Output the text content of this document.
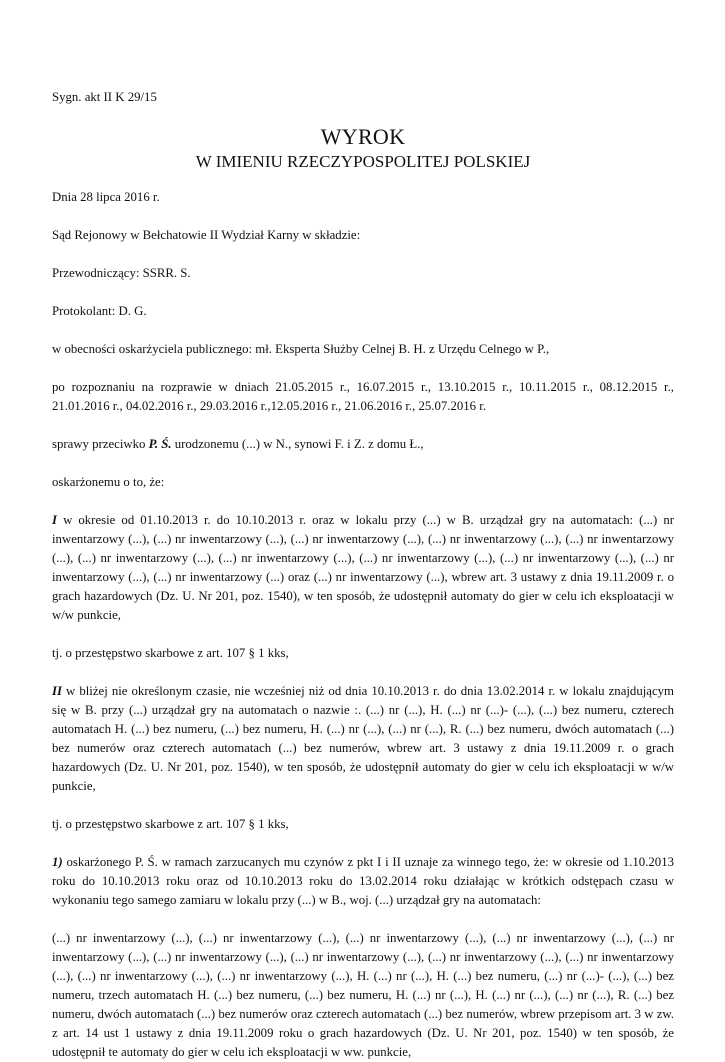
Sygn. akt II K 29/15

WYROK
W IMIENIU RZECZYPOSPOLITEJ POLSKIEJ

Dnia 28 lipca 2016 r.

Sąd Rejonowy w Bełchatowie II Wydział Karny w składzie:

Przewodniczący: SSRR. S.

Protokolant: D. G.

w obecności oskarżyciela publicznego: mł. Eksperta Służby Celnej B. H. z Urzędu Celnego w P.,

po rozpoznaniu na rozprawie w dniach 21.05.2015 r., 16.07.2015 r., 13.10.2015 r., 10.11.2015 r., 08.12.2015 r., 21.01.2016 r., 04.02.2016 r., 29.03.2016 r.,12.05.2016 r., 21.06.2016 r., 25.07.2016 r.

sprawy przeciwko P. Ś. urodzonemu (...) w N., synowi F. i Z. z domu Ł.,

oskarżonemu o to, że:

I w okresie od 01.10.2013 r. do 10.10.2013 r. oraz w lokalu przy (...) w B. urządzał gry na automatach: (...) nr inwentarzowy (...), (...) nr inwentarzowy (...), (...) nr inwentarzowy (...), (...) nr inwentarzowy (...), (...) nr inwentarzowy (...), (...) nr inwentarzowy (...), (...) nr inwentarzowy (...), (...) nr inwentarzowy (...), (...) nr inwentarzowy (...), (...) nr inwentarzowy (...), (...) nr inwentarzowy (...) oraz (...) nr inwentarzowy (...), wbrew art. 3 ustawy z dnia 19.11.2009 r. o grach hazardowych (Dz. U. Nr 201, poz. 1540), w ten sposób, że udostępnił automaty do gier w celu ich eksploatacji w w/w punkcie,

tj. o przestępstwo skarbowe z art. 107 § 1 kks,

II w bliżej nie określonym czasie, nie wcześniej niż od dnia 10.10.2013 r. do dnia 13.02.2014 r. w lokalu znajdującym się w B. przy (...) urządzał gry na automatach o nazwie :. (...) nr (...), H. (...) nr (...)- (...), (...) bez numeru, czterech automatach H. (...) bez numeru, (...) bez numeru, H. (...) nr (...), (...) nr (...), R. (...) bez numeru, dwóch automatach (...) bez numerów oraz czterech automatach (...) bez numerów, wbrew art. 3 ustawy z dnia 19.11.2009 r. o grach hazardowych (Dz. U. Nr 201, poz. 1540), w ten sposób, że udostępnił automaty do gier w celu ich eksploatacji w w/w punkcie,

tj. o przestępstwo skarbowe z art. 107 § 1 kks,

1) oskarżonego P. Ś. w ramach zarzucanych mu czynów z pkt I i II uznaje za winnego tego, że: w okresie od 1.10.2013 roku do 10.10.2013 roku oraz od 10.10.2013 roku do 13.02.2014 roku działając w krótkich odstępach czasu w wykonaniu tego samego zamiaru w lokalu przy (...) w B., woj. (...) urządzał gry na automatach:

(...) nr inwentarzowy (...), (...) nr inwentarzowy (...), (...) nr inwentarzowy (...), (...) nr inwentarzowy (...), (...) nr inwentarzowy (...), (...) nr inwentarzowy (...), (...) nr inwentarzowy (...), (...) nr inwentarzowy (...), (...) nr inwentarzowy (...), (...) nr inwentarzowy (...), (...) nr inwentarzowy (...), H. (...) nr (...), H. (...) bez numeru, (...) nr (...)- (...), (...) bez numeru, trzech automatach H. (...) bez numeru, (...) bez numeru, H. (...) nr (...), H. (...) nr (...), (...) nr (...), R. (...) bez numeru, dwóch automatach (...) bez numerów oraz czterech automatach (...) bez numerów, wbrew przepisom art. 3 w zw. z art. 14 ust 1 ustawy z dnia 19.11.2009 roku o grach hazardowych (Dz. U. Nr 201, poz. 1540) w ten sposób, że udostępnił te automaty do gier w celu ich eksploatacji w ww. punkcie,
